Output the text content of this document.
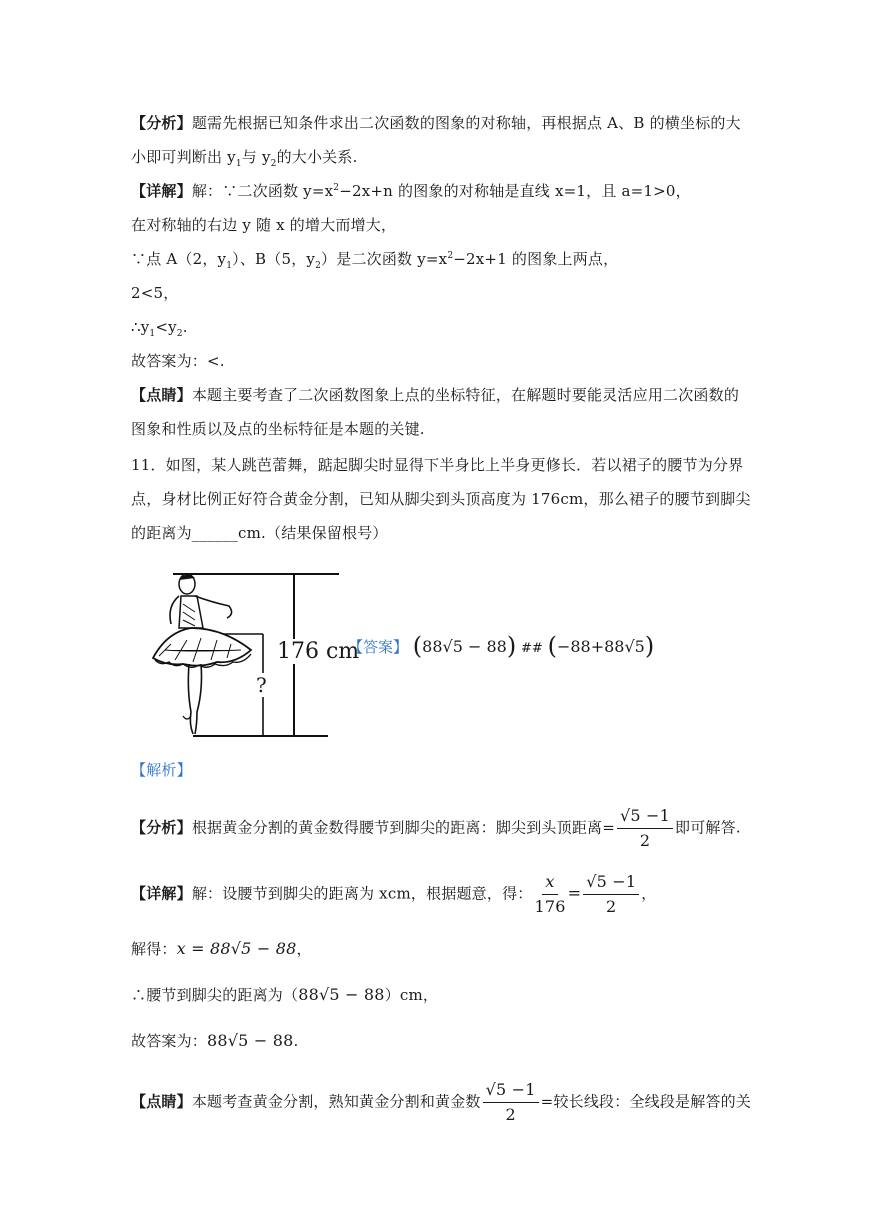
【分析】题需先根据已知条件求出二次函数的图象的对称轴，再根据点 A、B 的横坐标的大
小即可判断出 $y_1$与 $y_2$的大小关系.
【详解】解：∵二次函数 $y=x^2-2x+n$ 的图象的对称轴是直线 x=1，且 a=1>0，
在对称轴的右边 y 随 x 的增大而增大，
∵点 A（2，$y_1$）、B（5，$y_2$）是二次函数 $y=x^2-2x+1$ 的图象上两点，
2<5，
$\therefore y_1<y_2$.
故答案为：<.
【点睛】本题主要考查了二次函数图象上点的坐标特征，在解题时要能灵活应用二次函数的
图象和性质以及点的坐标特征是本题的关键.
11．如图，某人跳芭蕾舞，踮起脚尖时显得下半身比上半身更修长．若以裙子的腰节为分界
点，身材比例正好符合黄金分割，已知从脚尖到头顶高度为 176cm，那么裙子的腰节到脚尖
的距离为______cm.（结果保留根号）
176 cm
?
【答案】 (88√5 − 88) ## (−88+88√5)
【解析】
【分析】根据黄金分割的黄金数得腰节到脚尖的距离：脚尖到头顶距离= $\frac{√5 -1}{2}$ 即可解答.
【详解】解：设腰节到脚尖的距离为 xcm，根据题意，得： $\frac{x}{176} = \frac{√5 -1}{2}$ ，
解得：x = 88√5 − 88，
∴腰节到脚尖的距离为（88√5 − 88）cm，
故答案为：88√5 − 88.
【点睛】本题考查黄金分割，熟知黄金分割和黄金数 $\frac{√5 -1}{2}$ =较长线段：全线段是解答的关
